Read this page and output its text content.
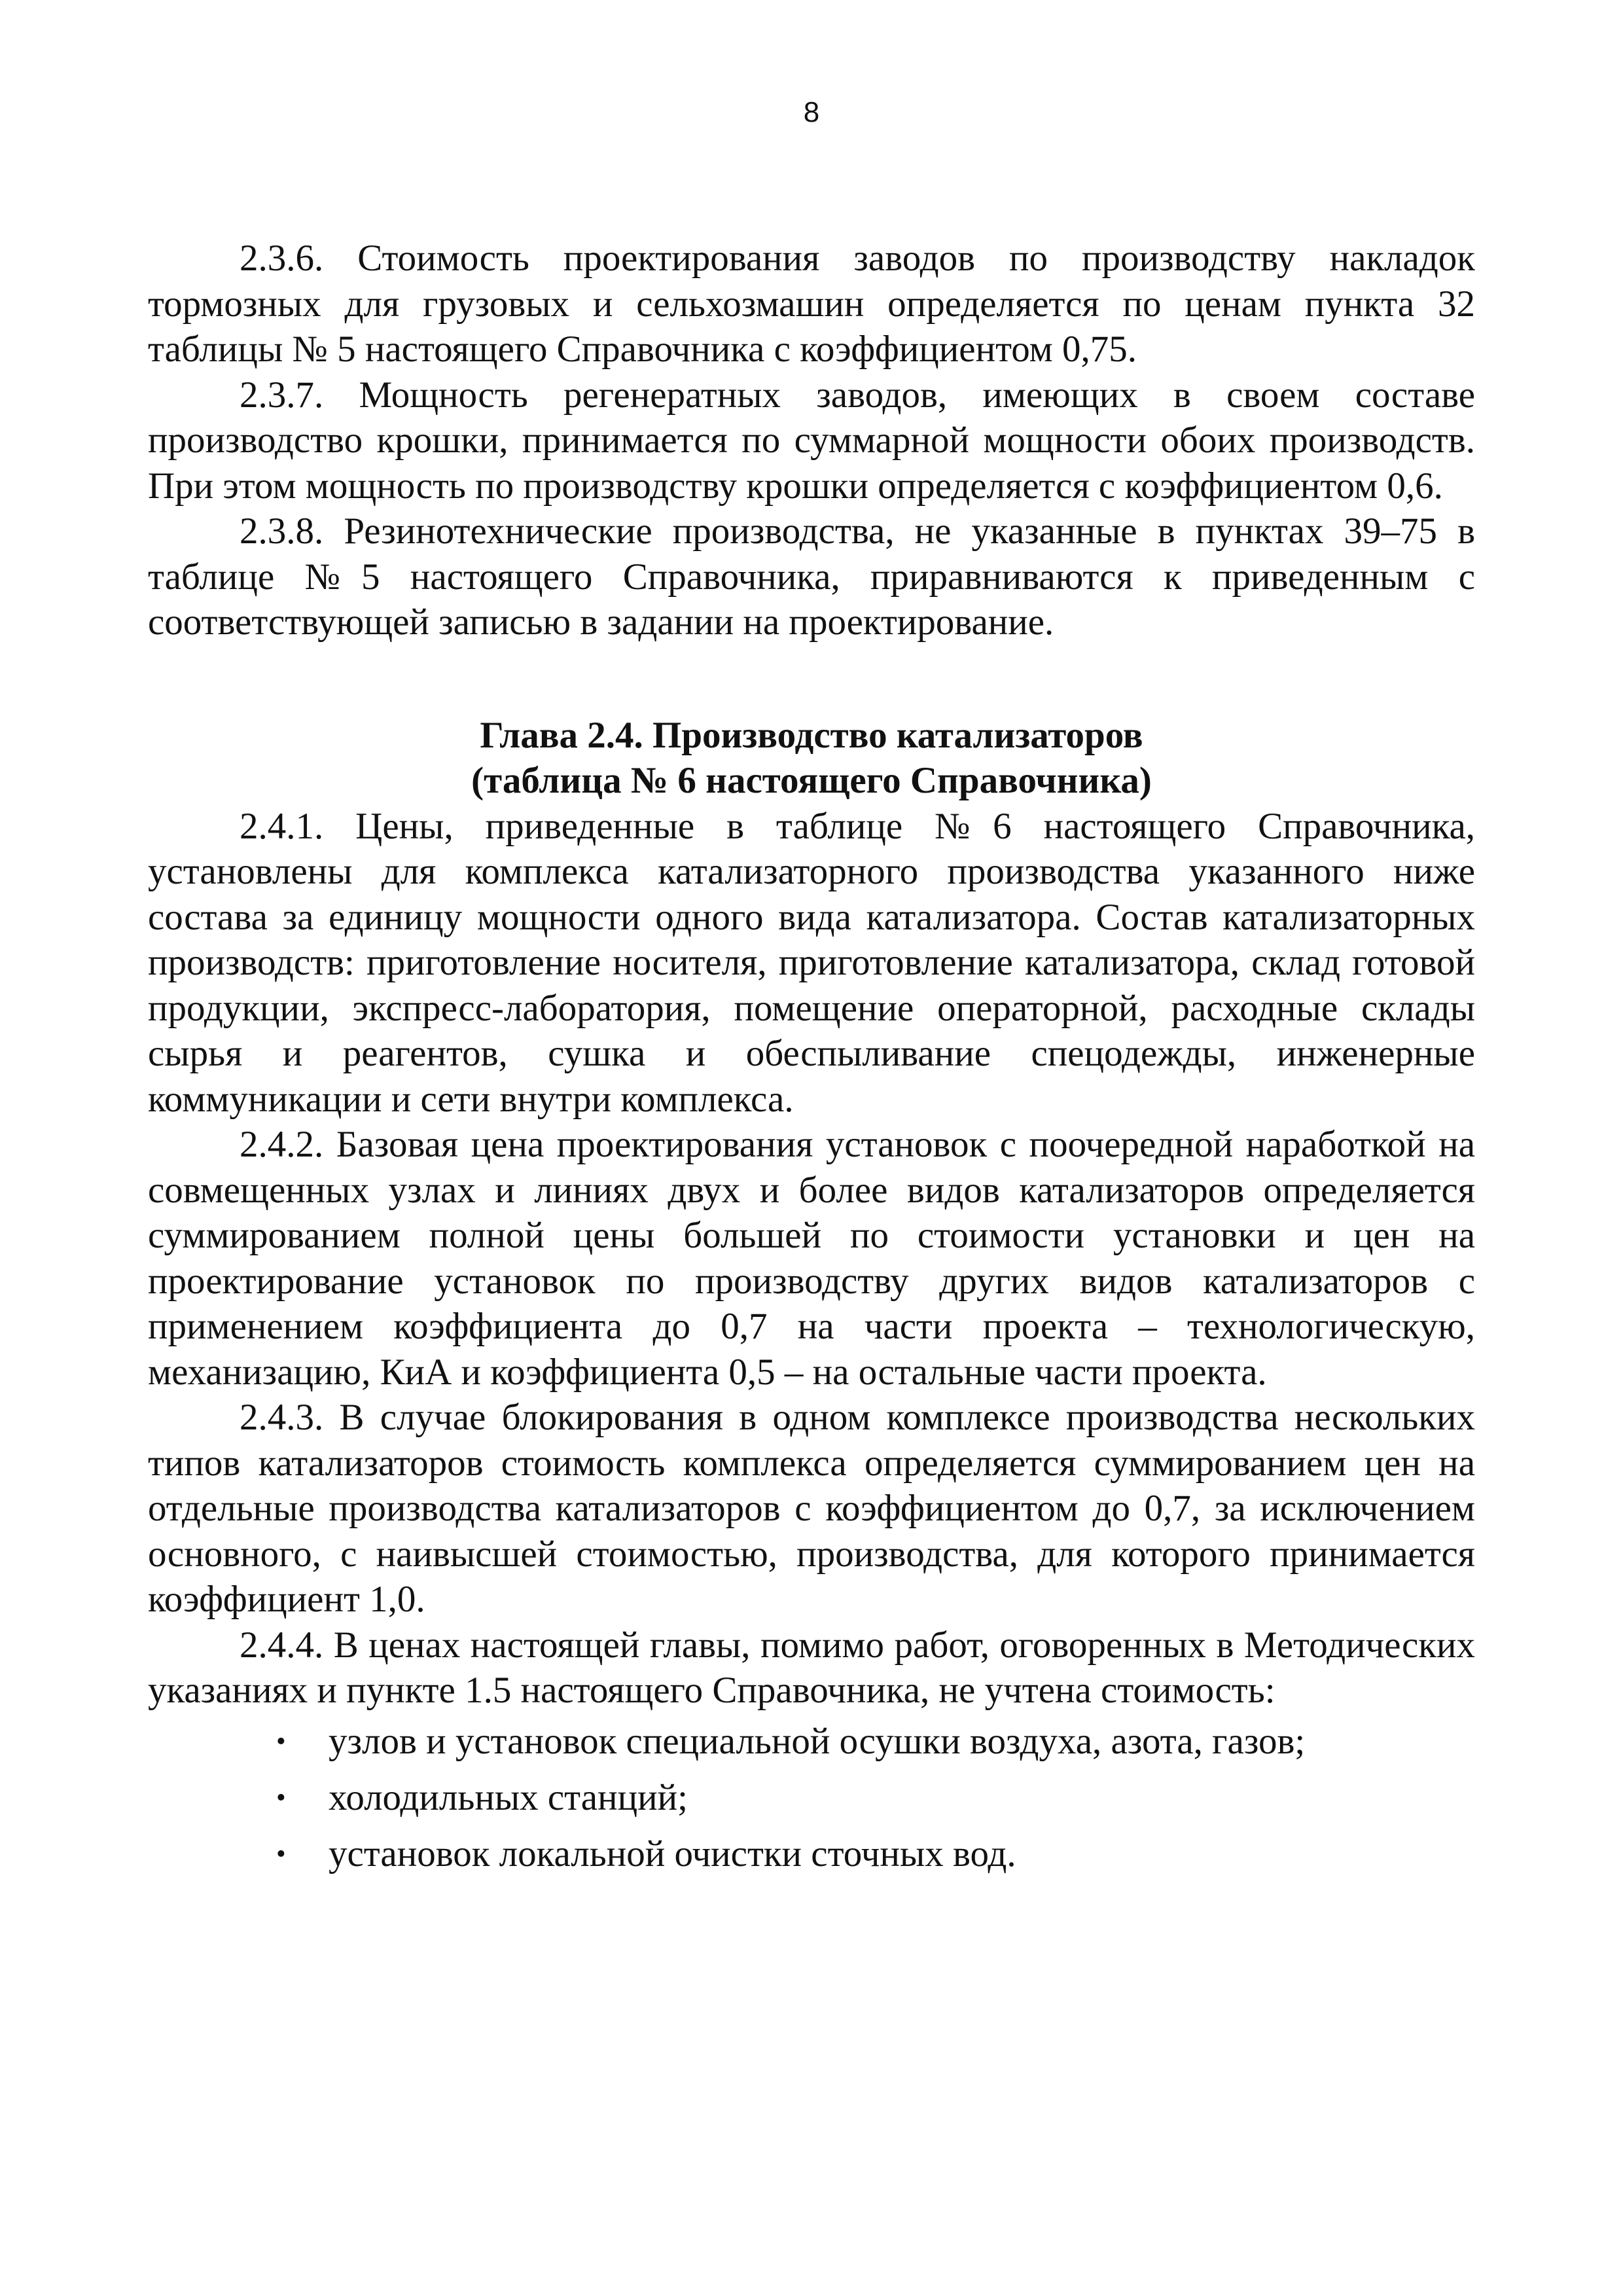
8

2.3.6. Стоимость проектирования заводов по производству накладок тормозных для грузовых и сельхозмашин определяется по ценам пункта 32 таблицы № 5 настоящего Справочника с коэффициентом 0,75.

2.3.7. Мощность регенератных заводов, имеющих в своем составе производство крошки, принимается по суммарной мощности обоих производств. При этом мощность по производству крошки определяется с коэффициентом 0,6.

2.3.8. Резинотехнические производства, не указанные в пунктах 39–75 в таблице №5 настоящего Справочника, приравниваются к приведенным с соответствующей записью в задании на проектирование.

Глава 2.4. Производство катализаторов
(таблица № 6 настоящего Справочника)

2.4.1. Цены, приведенные в таблице №6 настоящего Справочника, установлены для комплекса катализаторного производства указанного ниже состава за единицу мощности одного вида катализатора. Состав катализаторных производств: приготовление носителя, приготовление катализатора, склад готовой продукции, экспресс-лаборатория, помещение операторной, расходные склады сырья и реагентов, сушка и обеспыливание спецодежды, инженерные коммуникации и сети внутри комплекса.

2.4.2. Базовая цена проектирования установок с поочередной наработкой на совмещенных узлах и линиях двух и более видов катализаторов определяется суммированием полной цены большей по стоимости установки и цен на проектирование установок по производству других видов катализаторов с применением коэффициента до 0,7 на части проекта – технологическую, механизацию, КиА и коэффициента 0,5 – на остальные части проекта.

2.4.3. В случае блокирования в одном комплексе производства нескольких типов катализаторов стоимость комплекса определяется суммированием цен на отдельные производства катализаторов с коэффициентом до 0,7, за исключением основного, с наивысшей стоимостью, производства, для которого принимается коэффициент 1,0.

2.4.4. В ценах настоящей главы, помимо работ, оговоренных в Методических указаниях и пункте 1.5 настоящего Справочника, не учтена стоимость:

• узлов и установок специальной осушки воздуха, азота, газов;
• холодильных станций;
• установок локальной очистки сточных вод.
